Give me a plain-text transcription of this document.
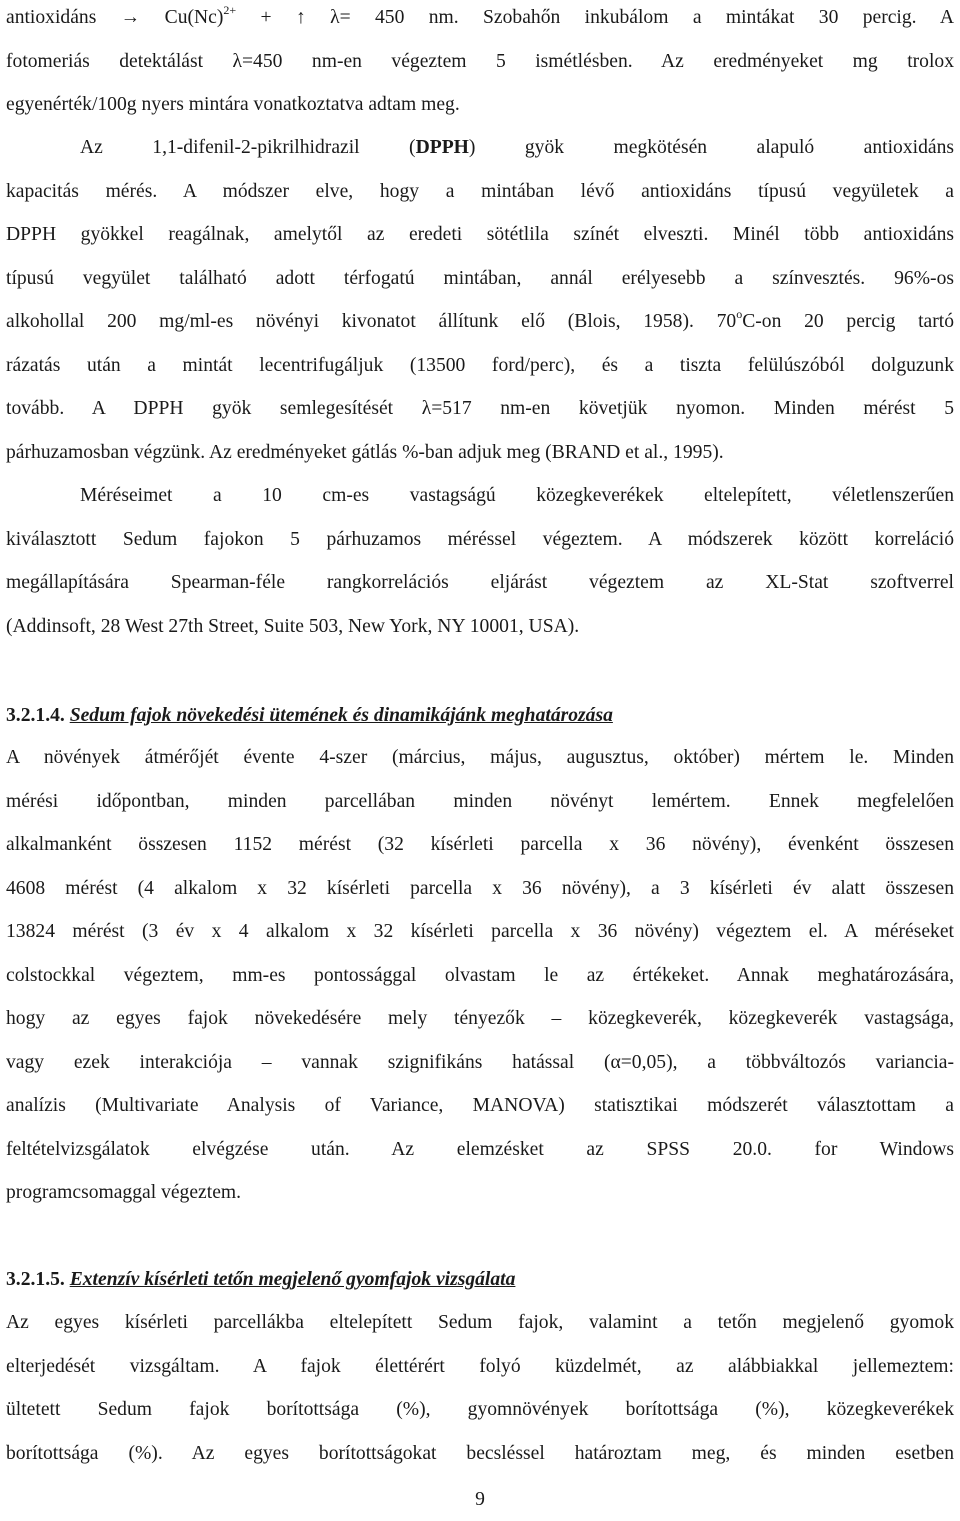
antioxidáns → $Cu(Nc)^{2+}$ + ↑ λ= 450 nm. Szobahőn inkubálom a mintákat 30 percig. A
fotomeriás detektálást λ=450 nm-en végeztem 5 ismétlésben. Az eredményeket mg trolox
egyenérték/100g nyers mintára vonatkoztatva adtam meg.
Az 1,1-difenil-2-pikrilhidrazil (DPPH) gyök megkötésén alapuló antioxidáns
kapacitás mérés. A módszer elve, hogy a mintában lévő antioxidáns típusú vegyületek a
DPPH gyökkel reagálnak, amelytől az eredeti sötétlila színét elveszti. Minél több antioxidáns
típusú vegyület található adott térfogatú mintában, annál erélyesebb a színvesztés. 96%-os
alkohollal 200 mg/ml-es növényi kivonatot állítunk elő (Blois, 1958). 70$^o$C-on 20 percig tartó
rázatás után a mintát lecentrifugáljuk (13500 ford/perc), és a tiszta felülúszóból dolguzunk
tovább. A DPPH gyök semlegesítését λ=517 nm-en követjük nyomon. Minden mérést 5
párhuzamosban végzünk. Az eredményeket gátlás %-ban adjuk meg (BRAND et al., 1995).
Méréseimet a 10 cm-es vastagságú közegkeverékek eltelepített, véletlenszerűen
kiválasztott Sedum fajokon 5 párhuzamos méréssel végeztem. A módszerek között korreláció
megállapítására Spearman-féle rangkorrelációs eljárást végeztem az XL-Stat szoftverrel
(Addinsoft, 28 West 27th Street, Suite 503, New York, NY 10001, USA).
3.2.1.4. Sedum fajok növekedési ütemének és dinamikájánk meghatározása
A növények átmérőjét évente 4-szer (március, május, augusztus, október) mértem le. Minden
mérési időpontban, minden parcellában minden növényt lemértem. Ennek megfelelően
alkalmanként összesen 1152 mérést (32 kísérleti parcella x 36 növény), évenként összesen
4608 mérést (4 alkalom x 32 kísérleti parcella x 36 növény), a 3 kísérleti év alatt összesen
13824 mérést (3 év x 4 alkalom x 32 kísérleti parcella x 36 növény) végeztem el. A méréseket
colstockkal végeztem, mm-es pontossággal olvastam le az értékeket. Annak meghatározására,
hogy az egyes fajok növekedésére mely tényezők – közegkeverék, közegkeverék vastagsága,
vagy ezek interakciója – vannak szignifikáns hatással (α=0,05), a többváltozós variancia-
analízis (Multivariate Analysis of Variance, MANOVA) statisztikai módszerét választottam a
feltételvizsgálatok elvégzése után. Az elemzésket az SPSS 20.0. for Windows
programcsomaggal végeztem.
3.2.1.5. Extenzív kísérleti tetőn megjelenő gyomfajok vizsgálata
Az egyes kísérleti parcellákba eltelepített Sedum fajok, valamint a tetőn megjelenő gyomok
elterjedését vizsgáltam. A fajok élettérért folyó küzdelmét, az alábbiakkal jellemeztem:
ültetett Sedum fajok borítottsága (%), gyomnövények borítottsága (%), közegkeverékek
borítottsága (%). Az egyes borítottságokat becsléssel határoztam meg, és minden esetben
9
